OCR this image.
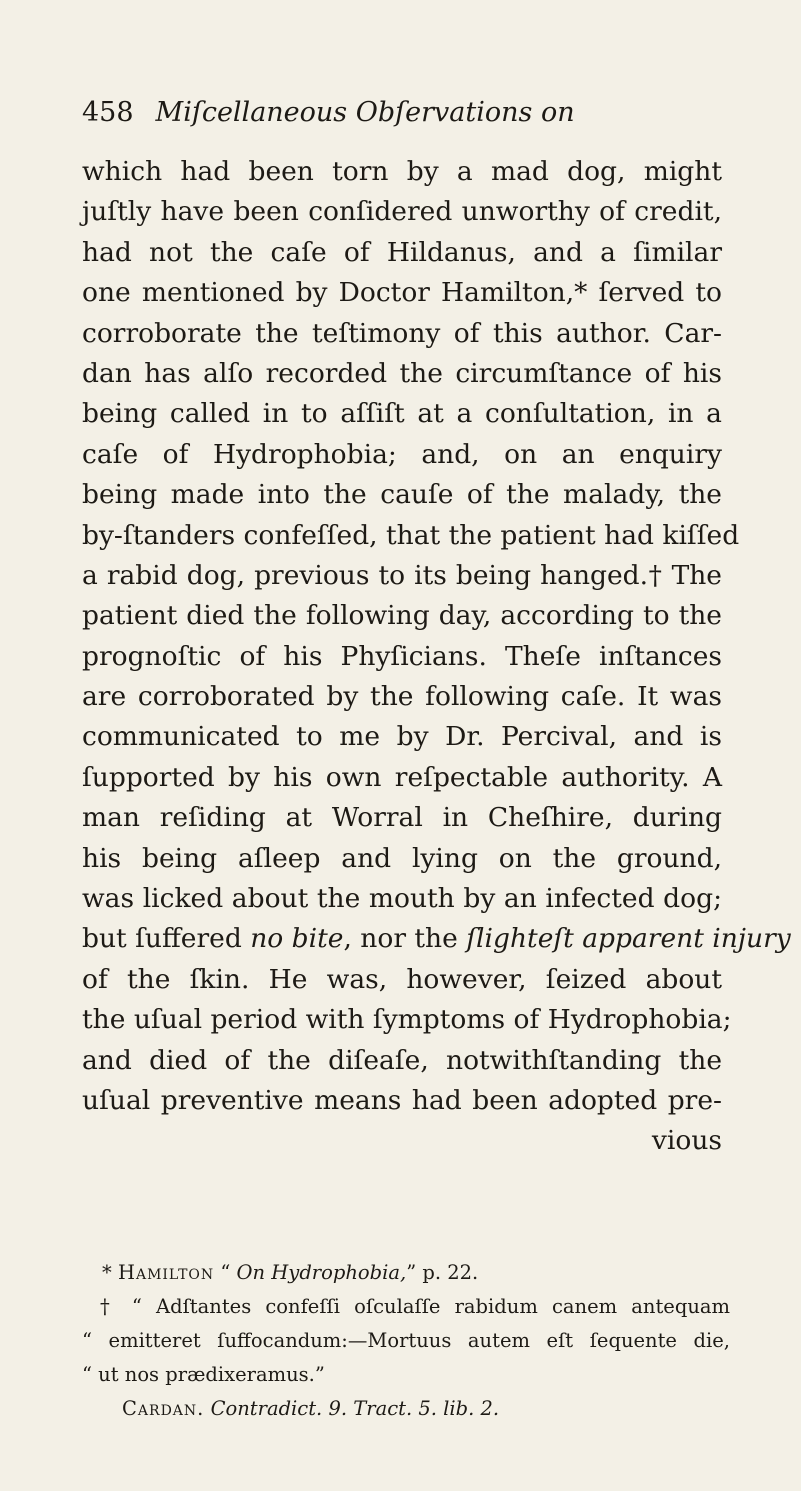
458 Miſcellaneous Obſervations on
which had been torn by a mad dog, might
juſtly have been conſidered unworthy of credit,
had not the caſe of Hildanus, and a ſimilar
one mentioned by Doctor Hamilton,* ſerved to
corroborate the teſtimony of this author. Car-
dan has alſo recorded the circumſtance of his
being called in to aſſiſt at a conſultation, in a
caſe of Hydrophobia; and, on an enquiry
being made into the cauſe of the malady, the
by-ſtanders confeſſed, that the patient had kiſſed
a rabid dog, previous to its being hanged.† The
patient died the following day, according to the
prognoſtic of his Phyſicians. Theſe inſtances
are corroborated by the following caſe. It was
communicated to me by Dr. Percival, and is
ſupported by his own reſpectable authority. A
man reſiding at Worral in Cheſhire, during
his being aſleep and lying on the ground,
was licked about the mouth by an infected dog;
but ſuffered no bite, nor the ſlighteſt apparent injury
of the ſkin. He was, however, ſeized about
the uſual period with ſymptoms of Hydrophobia;
and died of the diſeaſe, notwithſtanding the
uſual preventive means had been adopted pre-
vious
* Hamilton “ On Hydrophobia,” p. 22.
† “ Adſtantes confeſſi oſculaſſe rabidum canem antequam
“ emitteret ſuffocandum:—Mortuus autem eſt ſequente die,
“ ut nos prædixeramus.”
Cardan. Contradict. 9. Tract. 5. lib. 2.
